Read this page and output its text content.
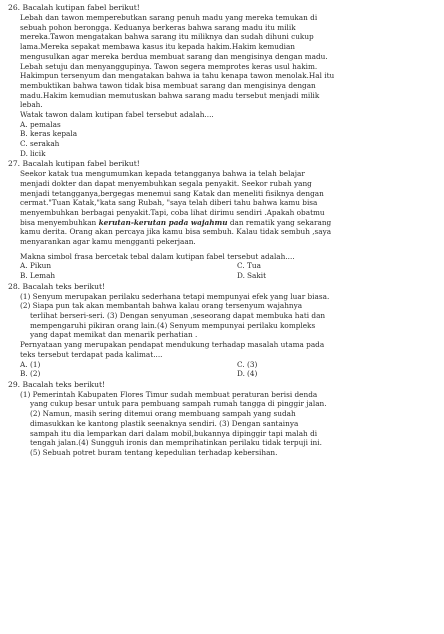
26. Bacalah kutipan fabel berikut!

Lebah dan tawon memperebutkan sarang penuh madu yang mereka temukan di
sebuah pohon berongga. Keduanya berkeras bahwa sarang madu itu milik
mereka.Tawon mengatakan bahwa sarang itu miliknya dan sudah dihuni cukup
lama.Mereka sepakat membawa kasus itu kepada hakim.Hakim kemudian
mengusulkan agar mereka berdua membuat sarang dan mengisinya dengan madu.
Lebah setuju dan menyanggupinya. Tawon segera memprotes keras usul hakim.
Hakimpun tersenyum dan mengatakan bahwa ia tahu kenapa tawon menolak.Hal itu
membuktikan bahwa tawon tidak bisa membuat sarang dan mengisinya dengan
madu.Hakim kemudian memutuskan bahwa sarang madu tersebut menjadi milik
lebah.
Watak tawon dalam kutipan fabel tersebut adalah....
A. pemalas
B. keras kepala
C. serakah
D. licik

27. Bacalah kutipan fabel berikut!

Seekor katak tua mengumumkan kepada tetangganya bahwa ia telah belajar
menjadi dokter dan dapat menyembuhkan segala penyakit. Seekor rubah yang
menjadi tetangganya,bergegas menemui sang Katak dan meneliti fisiknya dengan
cermat."Tuan Katak,"kata sang Rubah, "saya telah diberi tahu bahwa kamu bisa
menyembuhkan berbagai penyakit.Tapi, coba lihat dirimu sendiri .Apakah obatmu
bisa menyembuhkan kerutan-kerutan pada wajahmu dan rematik yang sekarang
kamu derita. Orang akan percaya jika kamu bisa sembuh. Kalau tidak sembuh ,saya
menyarankan agar kamu mengganti pekerjaan.
Makna simbol frasa bercetak tebal dalam kutipan fabel tersebut adalah....
A. Pikun	C. Tua
B. Lemah	D. Sakit

28. Bacalah teks berikut!

(1) Senyum merupakan perilaku sederhana tetapi mempunyai efek yang luar biasa.
(2) Siapa pun tak akan membantah bahwa kalau orang tersenyum wajahnya
terlihat berseri-seri. (3) Dengan senyuman ,seseorang dapat membuka hati dan
mempengaruhi pikiran orang lain.(4) Senyum mempunyai perilaku kompleks
yang dapat memikat dan menarik perhatian .
Pernyataan yang merupakan pendapat mendukung terhadap masalah utama pada
teks tersebut terdapat pada kalimat....
A. (1)	C. (3)
B. (2)	D. (4)

29. Bacalah teks berikut!

(1) Pemerintah Kabupaten Flores Timur sudah membuat peraturan berisi denda
yang cukup besar untuk para pembuang sampah rumah tangga di pinggir jalan.
(2) Namun, masih sering ditemui orang membuang sampah yang sudah
dimasukkan ke kantong plastik seenaknya sendiri. (3) Dengan santainya
sampah itu dia lemparkan dari dalam mobil,bukannya dipinggir tapi malah di
tengah jalan.(4) Sungguh ironis dan memprihatinkan perilaku tidak terpuji ini.
(5) Sebuah potret buram tentang kepedulian terhadap kebersihan.
